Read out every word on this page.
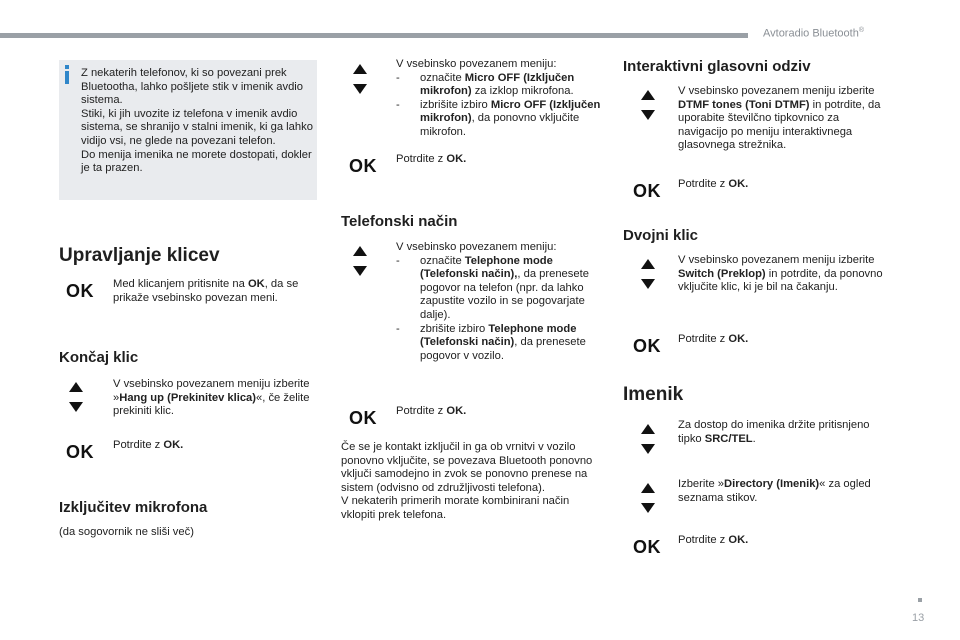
Avtoradio Bluetooth®

Z nekaterih telefonov, ki so povezani prek Bluetootha, lahko pošljete stik v imenik avdio sistema.

Stiki, ki jih uvozite iz telefona v imenik avdio sistema, se shranijo v stalni imenik, ki ga lahko vidijo vsi, ne glede na povezani telefon.

Do menija imenika ne morete dostopati, dokler je ta prazen.

Upravljanje klicev
OK Med klicanjem pritisnite na OK, da se prikaže vsebinsko povezan meni.
Končaj klic
V vsebinsko povezanem meniju izberite »Hang up (Prekinitev klica)«, če želite prekiniti klic.
OK Potrdite z OK.
Izključitev mikrofona
(da sogovornik ne sliši več)
V vsebinsko povezanem meniju:
-	označite Micro OFF (Izključen mikrofon) za izklop mikrofona.
-	izbrišite izbiro Micro OFF (Izključen mikrofon), da ponovno vključite mikrofon.
OK Potrdite z OK.
Telefonski način
V vsebinsko povezanem meniju:
-	označite Telephone mode (Telefonski način),, da prenesete pogovor na telefon (npr. da lahko zapustite vozilo in se pogovarjate dalje).
-	zbrišite izbiro Telephone mode (Telefonski način), da prenesete pogovor v vozilo.
OK Potrdite z OK.
Če se je kontakt izključil in ga ob vrnitvi v vozilo ponovno vključite, se povezava Bluetooth ponovno vključi samodejno in zvok se ponovno prenese na sistem (odvisno od združljivosti telefona).
V nekaterih primerih morate kombinirani način vklopiti prek telefona.
Interaktivni glasovni odziv
V vsebinsko povezanem meniju izberite DTMF tones (Toni DTMF) in potrdite, da uporabite številčno tipkovnico za navigacijo po meniju interaktivnega glasovnega strežnika.
OK Potrdite z OK.
Dvojni klic
V vsebinsko povezanem meniju izberite Switch (Preklop) in potrdite, da ponovno vključite klic, ki je bil na čakanju.
OK Potrdite z OK.
Imenik
Za dostop do imenika držite pritisnjeno tipko SRC/TEL.
Izberite »Directory (Imenik)« za ogled seznama stikov.
OK Potrdite z OK.
13
